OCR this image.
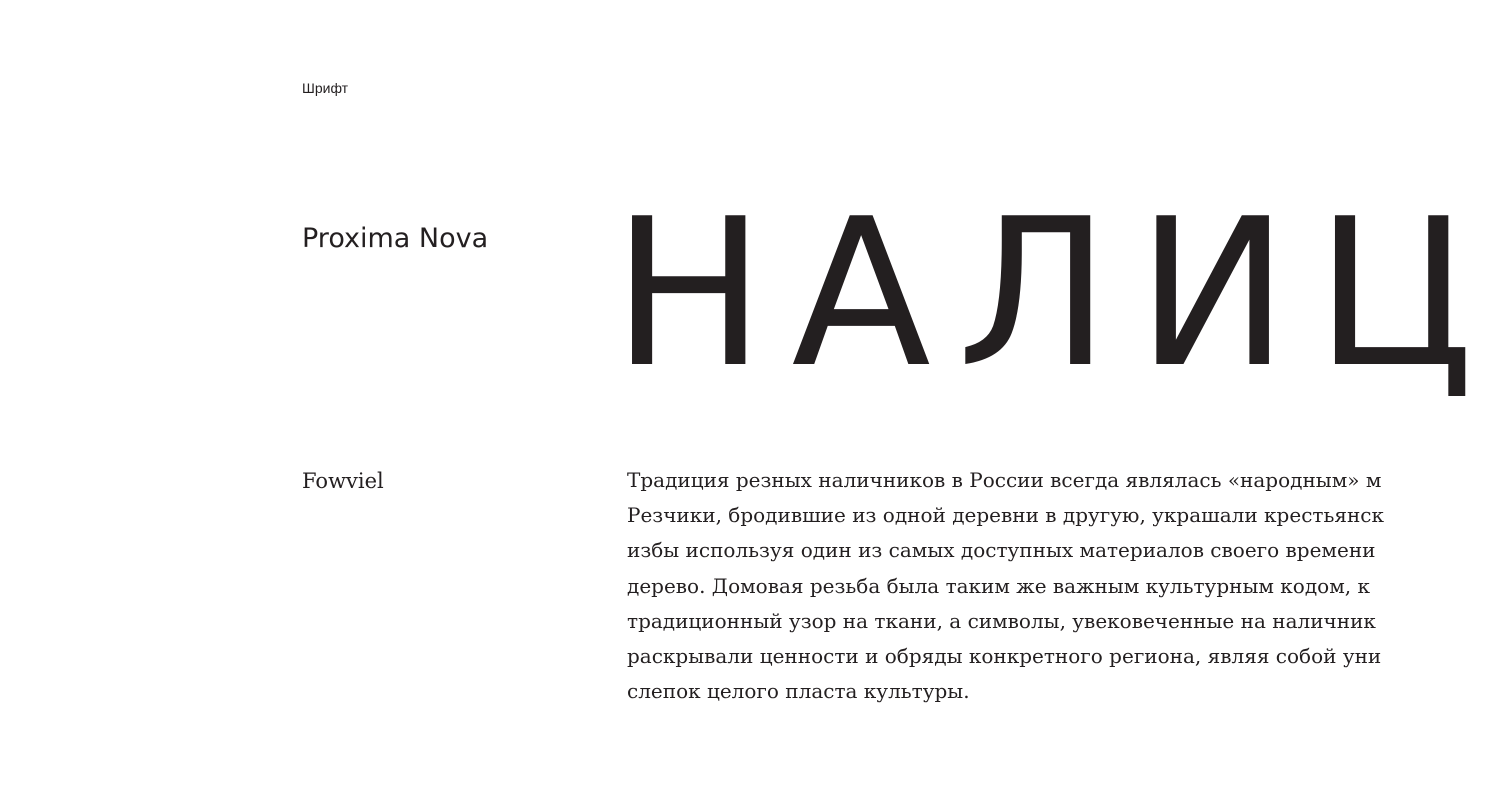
Шрифт
Proxima Nova НАЛИЦ
Fowviel	Традиция резных наличников в России всегда являлась «народным» м
Резчики, бродившие из одной деревни в другую, украшали крестьянск
избы используя один из самых доступных материалов своего времени
дерево. Домовая резьба была таким же важным культурным кодом, к
традиционный узор на ткани, а символы, увековеченные на наличник
раскрывали ценности и обряды конкретного региона, являя собой уни
слепок целого пласта культуры.
